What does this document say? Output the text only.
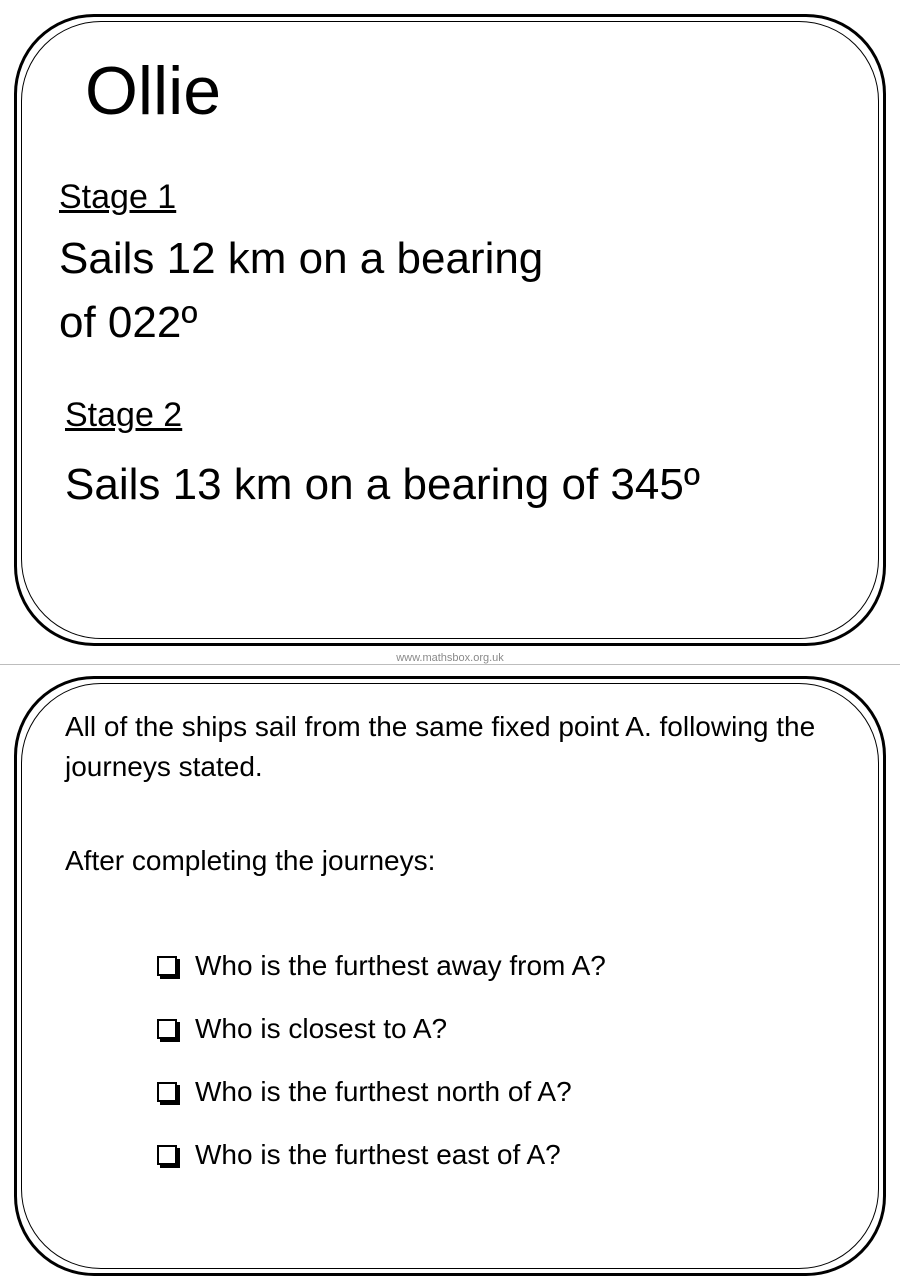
Ollie
Stage 1
Sails 12 km on a bearing of 022º
Stage 2
Sails 13 km on a bearing of 345º
www.mathsbox.org.uk
All of the ships sail from the same fixed point A. following the journeys stated.
After completing the journeys:
Who is the furthest away from A?
Who is closest to A?
Who is the furthest north of A?
Who is the furthest east of A?
